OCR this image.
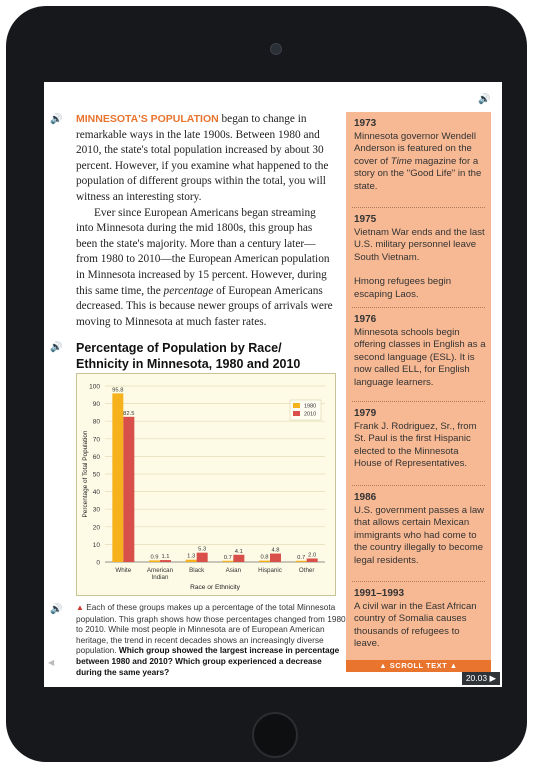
🔊 MINNESOTA'S POPULATION began to change in remarkable ways in the late 1900s. Between 1980 and 2010, the state's total population increased by about 30 percent. However, if you examine what happened to the population of different groups within the total, you will witness an interesting story.

Ever since European Americans began streaming into Minnesota during the mid 1800s, this group has been the state's majority. More than a century later—from 1980 to 2010—the European American population in Minnesota increased by 15 percent. However, during this same time, the percentage of European Americans decreased. This is because newer groups of arrivals were moving to Minnesota at much faster rates.

🔊 Percentage of Population by Race/ Ethnicity in Minnesota, 1980 and 2010
0
10
20
30
40
50
60
70
80
90
100 95.8
82.5
White
0.9 1.1
American
Indian
1.3
5.3
Black
0.7
4.1
Asian
0.8
4.8
Hispanic
0.7 2.0
Other
Race or Ethnicity
Percentage of Total Population
1980
2010
🔊 ▲ Each of these groups makes up a percentage of the total Minnesota population. This graph shows how those percentages changed from 1980 to 2010. While most people in Minnesota are of European American heritage, the trend in recent decades shows an increasingly diverse population. Which group showed the largest increase in percentage between 1980 and 2010? Which group experienced a decrease during the same years?
🔊
1973
Minnesota governor Wendell Anderson is featured on the cover of Time magazine for a story on the "Good Life" in the state.
1975
Vietnam War ends and the last U.S. military personnel leave South Vietnam.
Hmong refugees begin escaping Laos.
1976
Minnesota schools begin offering classes in English as a second language (ESL). It is now called ELL, for English language learners.
1979
Frank J. Rodriguez, Sr., from St. Paul is the first Hispanic elected to the Minnesota House of Representatives.
1986
U.S. government passes a law that allows certain Mexican immigrants who had come to the country illegally to become legal residents.
1991–1993
A civil war in the East African country of Somalia causes thousands of refugees to leave.
▲ SCROLL TEXT ▲
◀
20.03 ▶
